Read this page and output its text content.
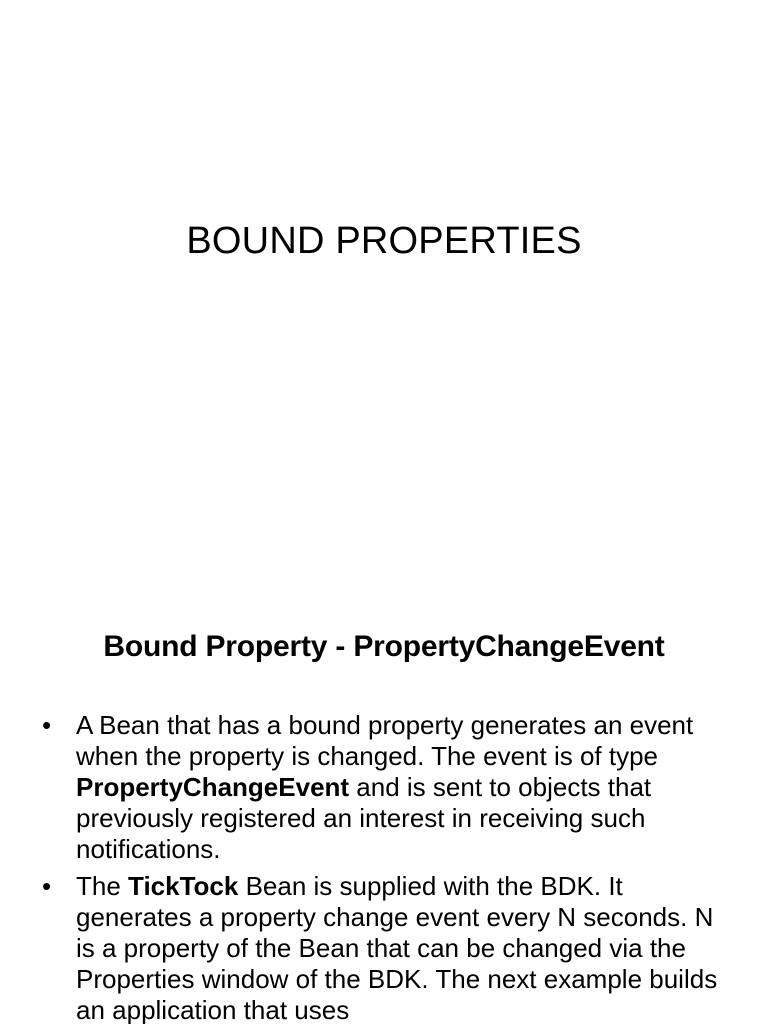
BOUND PROPERTIES
Bound Property - PropertyChangeEvent
• A Bean that has a bound property generates an event when the property is changed. The event is of type PropertyChangeEvent and is sent to objects that previously registered an interest in receiving such notifications.
• The TickTock Bean is supplied with the BDK. It generates a property change event every N seconds. N is a property of the Bean that can be changed via the Properties window of the BDK. The next example builds an application that uses
